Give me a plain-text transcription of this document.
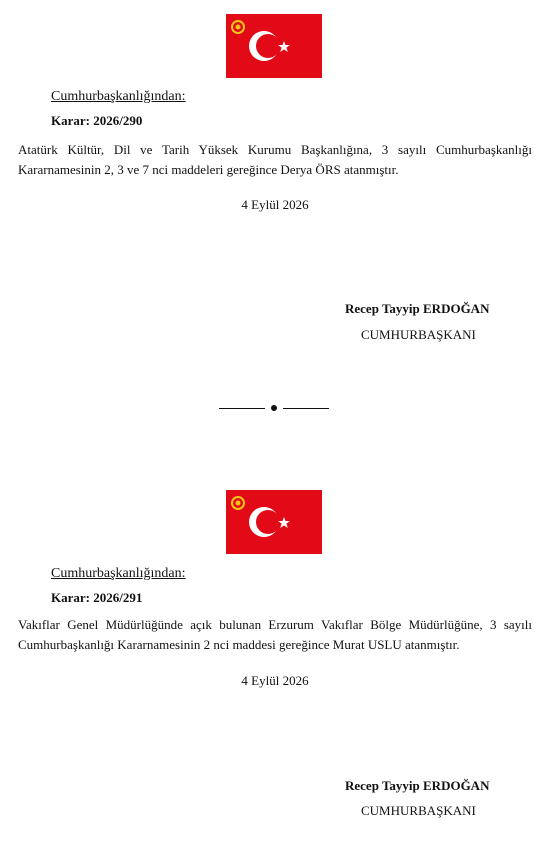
Cumhurbaşkanlığından:
Karar: 2026/290
Atatürk Kültür, Dil ve Tarih Yüksek Kurumu Başkanlığına, 3 sayılı Cumhurbaşkanlığı Kararnamesinin 2, 3 ve 7 nci maddeleri gereğince Derya ÖRS atanmıştır.
4 Eylül 2026
Recep Tayyip ERDOĞAN
CUMHURBAŞKANI
Cumhurbaşkanlığından:
Karar: 2026/291
Vakıflar Genel Müdürlüğünde açık bulunan Erzurum Vakıflar Bölge Müdürlüğüne, 3 sayılı Cumhurbaşkanlığı Kararnamesinin 2 nci maddesi gereğince Murat USLU atanmıştır.
4 Eylül 2026
Recep Tayyip ERDOĞAN
CUMHURBAŞKANI
